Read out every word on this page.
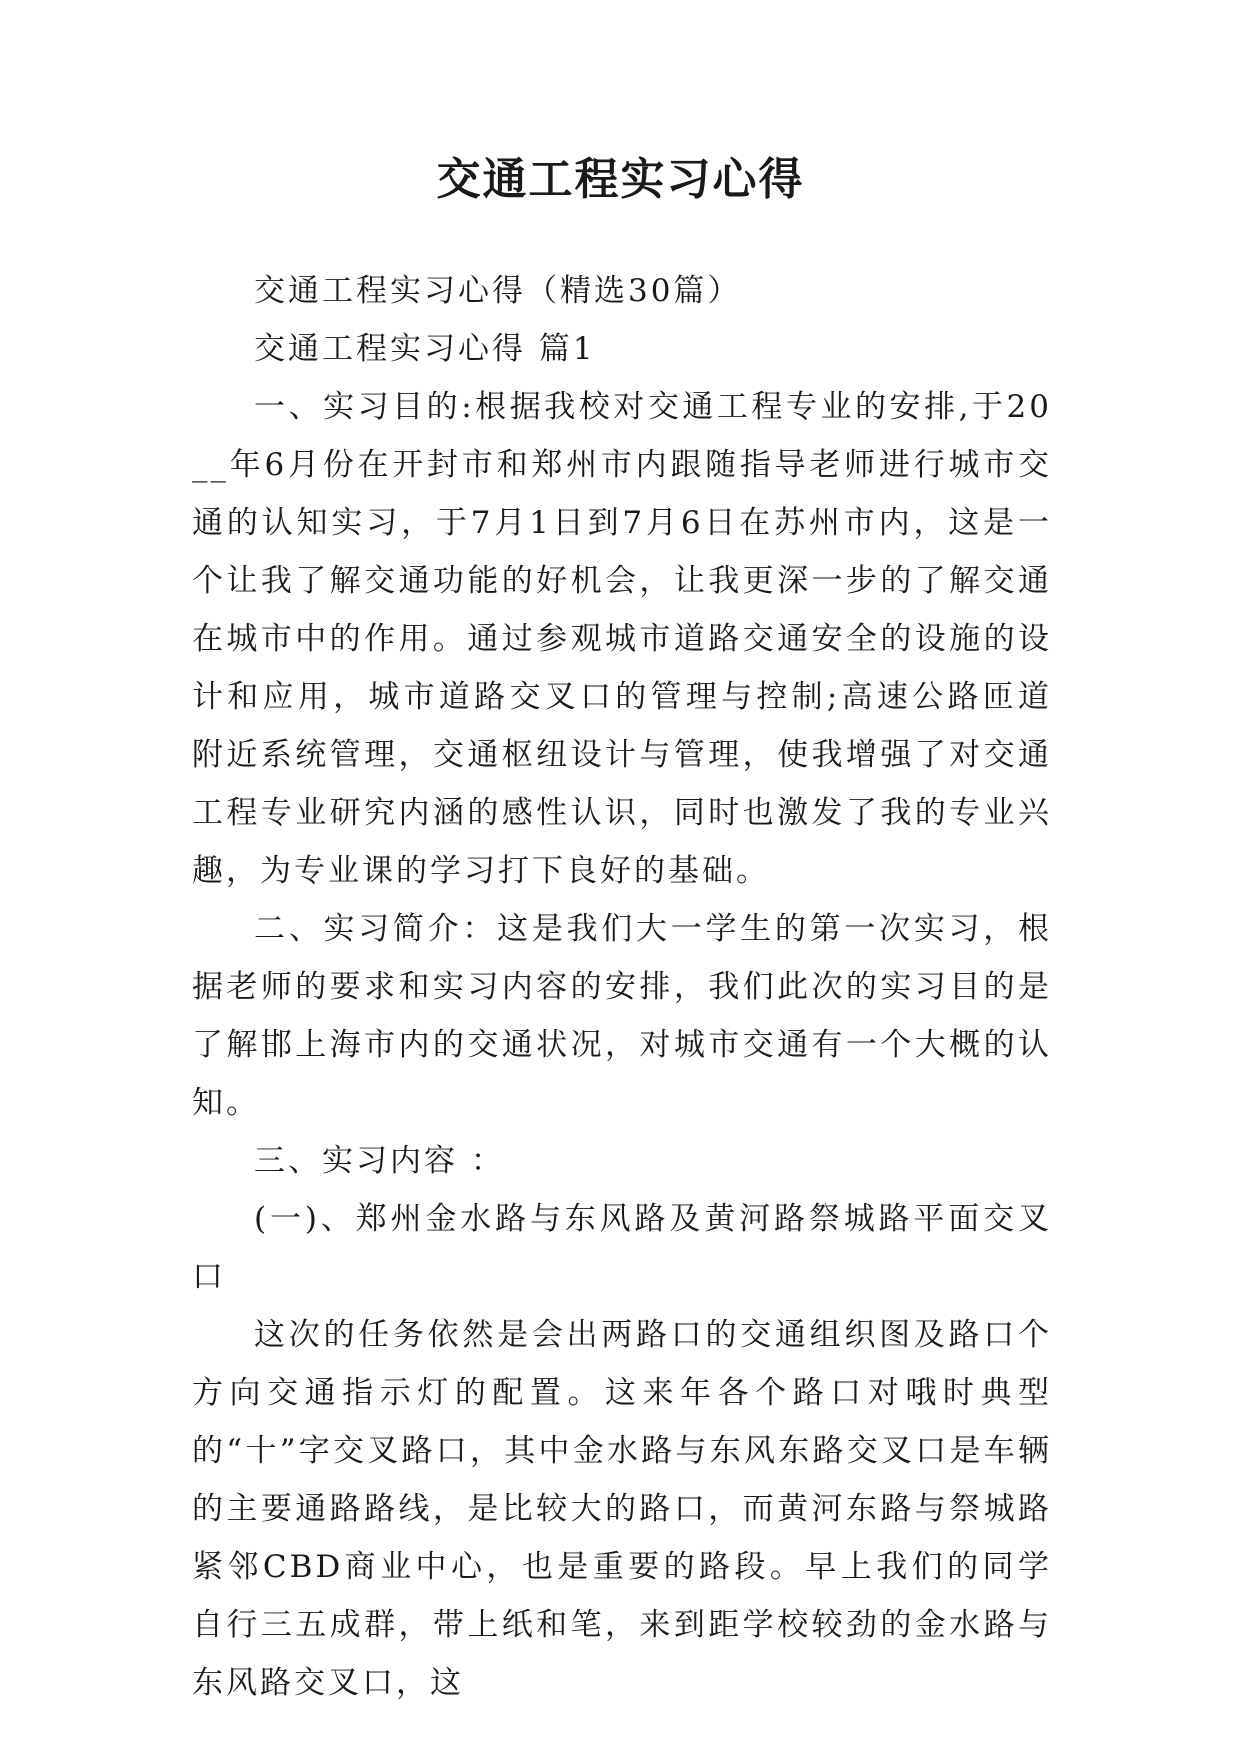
交通工程实习心得

交通工程实习心得（精选30篇）

交通工程实习心得 篇1

一、实习目的:根据我校对交通工程专业的安排,于20__年6月份在开封市和郑州市内跟随指导老师进行城市交通的认知实习，于7月1日到7月6日在苏州市内，这是一个让我了解交通功能的好机会，让我更深一步的了解交通在城市中的作用。通过参观城市道路交通安全的设施的设计和应用，城市道路交叉口的管理与控制;高速公路匝道附近系统管理，交通枢纽设计与管理，使我增强了对交通工程专业研究内涵的感性认识，同时也激发了我的专业兴趣，为专业课的学习打下良好的基础。

二、实习简介：这是我们大一学生的第一次实习，根据老师的要求和实习内容的安排，我们此次的实习目的是了解邯上海市内的交通状况，对城市交通有一个大概的认知。

三、实习内容 ：

(一)、郑州金水路与东风路及黄河路祭城路平面交叉口

这次的任务依然是会出两路口的交通组织图及路口个方向交通指示灯的配置。这来年各个路口对哦时典型的“十”字交叉路口，其中金水路与东风东路交叉口是车辆的主要通路路线，是比较大的路口，而黄河东路与祭城路紧邻CBD商业中心，也是重要的路段。早上我们的同学自行三五成群，带上纸和笔，来到距学校较劲的金水路与东风路交叉口，这
